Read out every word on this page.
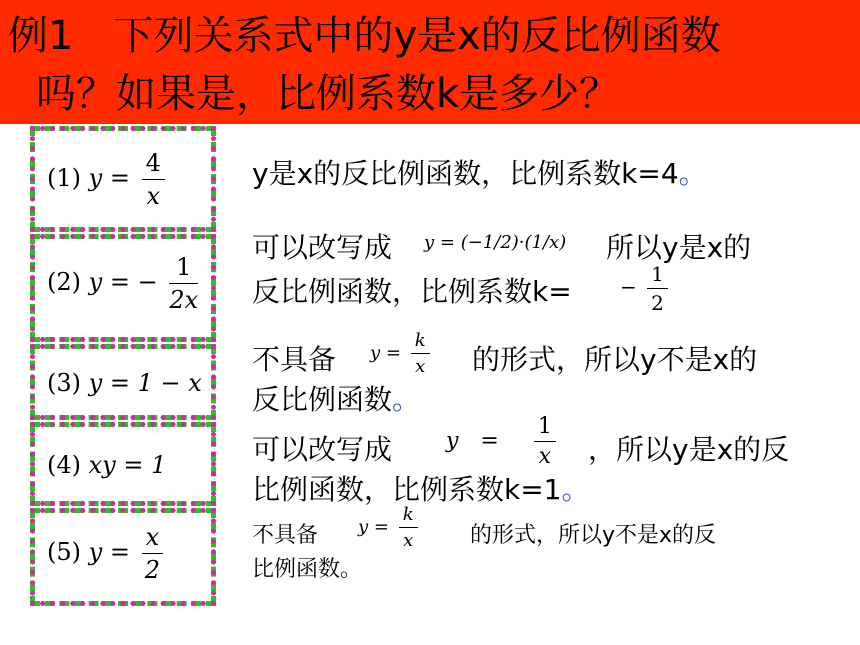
例1　下列关系式中的y是x的反比例函数
吗？如果是，比例系数k是多少？
(1) $y = \frac{4}{x}$
(2) y = − $\frac{1}{2x}$
(3) y = 1 − x
(4) xy = 1
(5) $y = \frac{x}{2}$
y是x的反比例函数，比例系数k=4。
可以改写成 y = (−1/2)·(1/x) 所以y是x的
反比例函数，比例系数$k= - \frac{1}{2}$
不具备 $y = \frac{k}{x}$ 的形式，所以y不是x的
反比例函数。
可以改写成 y　= $\frac{1}{x}$ ，所以y是x的反
比例函数，比例系数k=1。
不具备 $y = \frac{k}{x}$ 的形式，所以y不是x的反
比例函数。
